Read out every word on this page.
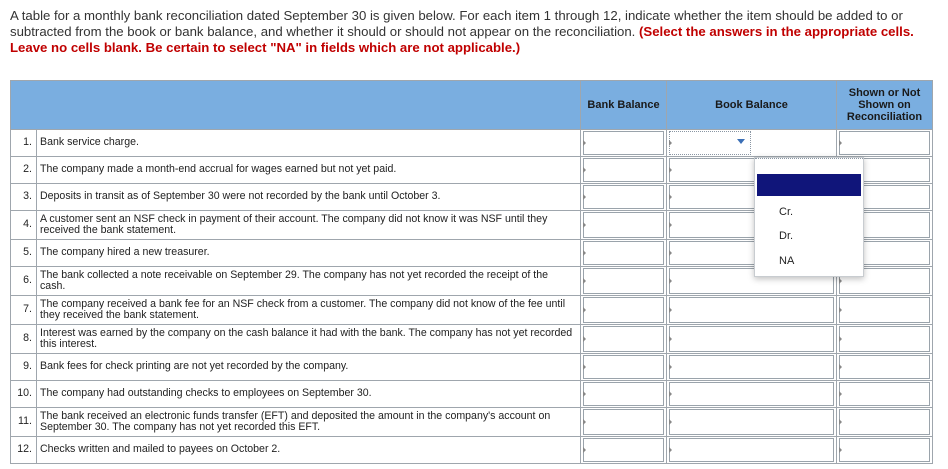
A table for a monthly bank reconciliation dated September 30 is given below. For each item 1 through 12, indicate whether the item should be added to or subtracted from the book or bank balance, and whether it should or should not appear on the reconciliation. (Select the answers in the appropriate cells. Leave no cells blank. Be certain to select "NA" in fields which are not applicable.)
		Bank Balance	Book Balance	Shown or Not Shown on Reconciliation
1.	Bank service charge.	

2.	The company made a month-end accrual for wages earned but not yet paid.	

3.	Deposits in transit as of September 30 were not recorded by the bank until October 3.	

4.	A customer sent an NSF check in payment of their account. The company did not know it was NSF until they received the bank statement.	

5.	The company hired a new treasurer.	

6.	The bank collected a note receivable on September 29. The company has not yet recorded the receipt of the cash.	

7.	The company received a bank fee for an NSF check from a customer. The company did not know of the fee until they received the bank statement.	

8.	Interest was earned by the company on the cash balance it had with the bank. The company has not yet recorded this interest.	

9.	Bank fees for check printing are not yet recorded by the company.	

10.	The company had outstanding checks to employees on September 30.	

11.	The bank received an electronic funds transfer (EFT) and deposited the amount in the company's account on September 30. The company has not yet recorded this EFT.	

12.	Checks written and mailed to payees on October 2.	

Cr.
Dr.
NA
